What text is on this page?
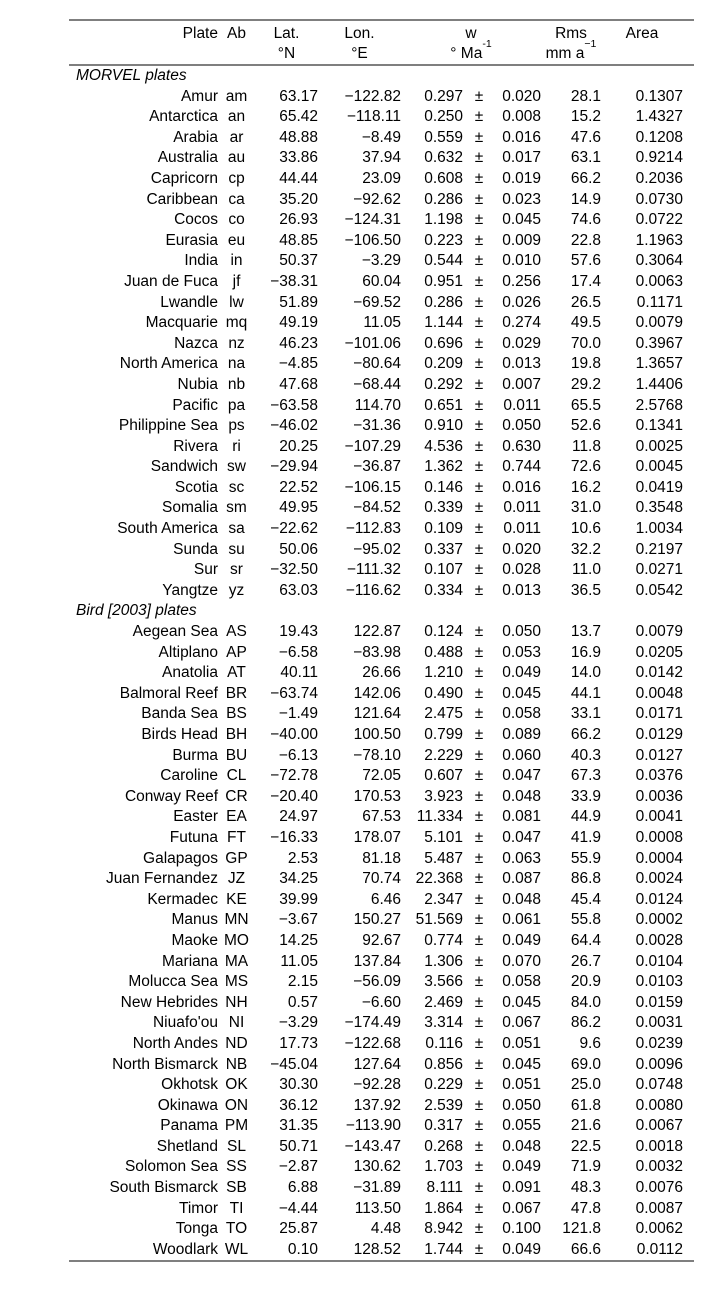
Plate	Ab	Lat.	Lon.	w			Rms	Area
		°N	°E	° $Ma^{-1}$			mm $a^{-1}$	
MORVEL plates								
Amur	am	63.17	−122.82	0.297	±	0.020	28.1	0.1307
Antarctica	an	65.42	−118.11	0.250	±	0.008	15.2	1.4327
Arabia	ar	48.88	−8.49	0.559	±	0.016	47.6	0.1208
Australia	au	33.86	37.94	0.632	±	0.017	63.1	0.9214
Capricorn	cp	44.44	23.09	0.608	±	0.019	66.2	0.2036
Caribbean	ca	35.20	−92.62	0.286	±	0.023	14.9	0.0730
Cocos	co	26.93	−124.31	1.198	±	0.045	74.6	0.0722
Eurasia	eu	48.85	−106.50	0.223	±	0.009	22.8	1.1963
India	in	50.37	−3.29	0.544	±	0.010	57.6	0.3064
Juan de Fuca	jf	−38.31	60.04	0.951	±	0.256	17.4	0.0063
Lwandle	lw	51.89	−69.52	0.286	±	0.026	26.5	0.1171
Macquarie	mq	49.19	11.05	1.144	±	0.274	49.5	0.0079
Nazca	nz	46.23	−101.06	0.696	±	0.029	70.0	0.3967
North America	na	−4.85	−80.64	0.209	±	0.013	19.8	1.3657
Nubia	nb	47.68	−68.44	0.292	±	0.007	29.2	1.4406
Pacific	pa	−63.58	114.70	0.651	±	0.011	65.5	2.5768
Philippine Sea	ps	−46.02	−31.36	0.910	±	0.050	52.6	0.1341
Rivera	ri	20.25	−107.29	4.536	±	0.630	11.8	0.0025
Sandwich	sw	−29.94	−36.87	1.362	±	0.744	72.6	0.0045
Scotia	sc	22.52	−106.15	0.146	±	0.016	16.2	0.0419
Somalia	sm	49.95	−84.52	0.339	±	0.011	31.0	0.3548
South America	sa	−22.62	−112.83	0.109	±	0.011	10.6	1.0034
Sunda	su	50.06	−95.02	0.337	±	0.020	32.2	0.2197
Sur	sr	−32.50	−111.32	0.107	±	0.028	11.0	0.0271
Yangtze	yz	63.03	−116.62	0.334	±	0.013	36.5	0.0542
Bird [2003] plates								
Aegean Sea	AS	19.43	122.87	0.124	±	0.050	13.7	0.0079
Altiplano	AP	−6.58	−83.98	0.488	±	0.053	16.9	0.0205
Anatolia	AT	40.11	26.66	1.210	±	0.049	14.0	0.0142
Balmoral Reef	BR	−63.74	142.06	0.490	±	0.045	44.1	0.0048
Banda Sea	BS	−1.49	121.64	2.475	±	0.058	33.1	0.0171
Birds Head	BH	−40.00	100.50	0.799	±	0.089	66.2	0.0129
Burma	BU	−6.13	−78.10	2.229	±	0.060	40.3	0.0127
Caroline	CL	−72.78	72.05	0.607	±	0.047	67.3	0.0376
Conway Reef	CR	−20.40	170.53	3.923	±	0.048	33.9	0.0036
Easter	EA	24.97	67.53	11.334	±	0.081	44.9	0.0041
Futuna	FT	−16.33	178.07	5.101	±	0.047	41.9	0.0008
Galapagos	GP	2.53	81.18	5.487	±	0.063	55.9	0.0004
Juan Fernandez	JZ	34.25	70.74	22.368	±	0.087	86.8	0.0024
Kermadec	KE	39.99	6.46	2.347	±	0.048	45.4	0.0124
Manus	MN	−3.67	150.27	51.569	±	0.061	55.8	0.0002
Maoke	MO	14.25	92.67	0.774	±	0.049	64.4	0.0028
Mariana	MA	11.05	137.84	1.306	±	0.070	26.7	0.0104
Molucca Sea	MS	2.15	−56.09	3.566	±	0.058	20.9	0.0103
New Hebrides	NH	0.57	−6.60	2.469	±	0.045	84.0	0.0159
Niuafo'ou	NI	−3.29	−174.49	3.314	±	0.067	86.2	0.0031
North Andes	ND	17.73	−122.68	0.116	±	0.051	9.6	0.0239
North Bismarck	NB	−45.04	127.64	0.856	±	0.045	69.0	0.0096
Okhotsk	OK	30.30	−92.28	0.229	±	0.051	25.0	0.0748
Okinawa	ON	36.12	137.92	2.539	±	0.050	61.8	0.0080
Panama	PM	31.35	−113.90	0.317	±	0.055	21.6	0.0067
Shetland	SL	50.71	−143.47	0.268	±	0.048	22.5	0.0018
Solomon Sea	SS	−2.87	130.62	1.703	±	0.049	71.9	0.0032
South Bismarck	SB	6.88	−31.89	8.111	±	0.091	48.3	0.0076
Timor	TI	−4.44	113.50	1.864	±	0.067	47.8	0.0087
Tonga	TO	25.87	4.48	8.942	±	0.100	121.8	0.0062
Woodlark	WL	0.10	128.52	1.744	±	0.049	66.6	0.0112
